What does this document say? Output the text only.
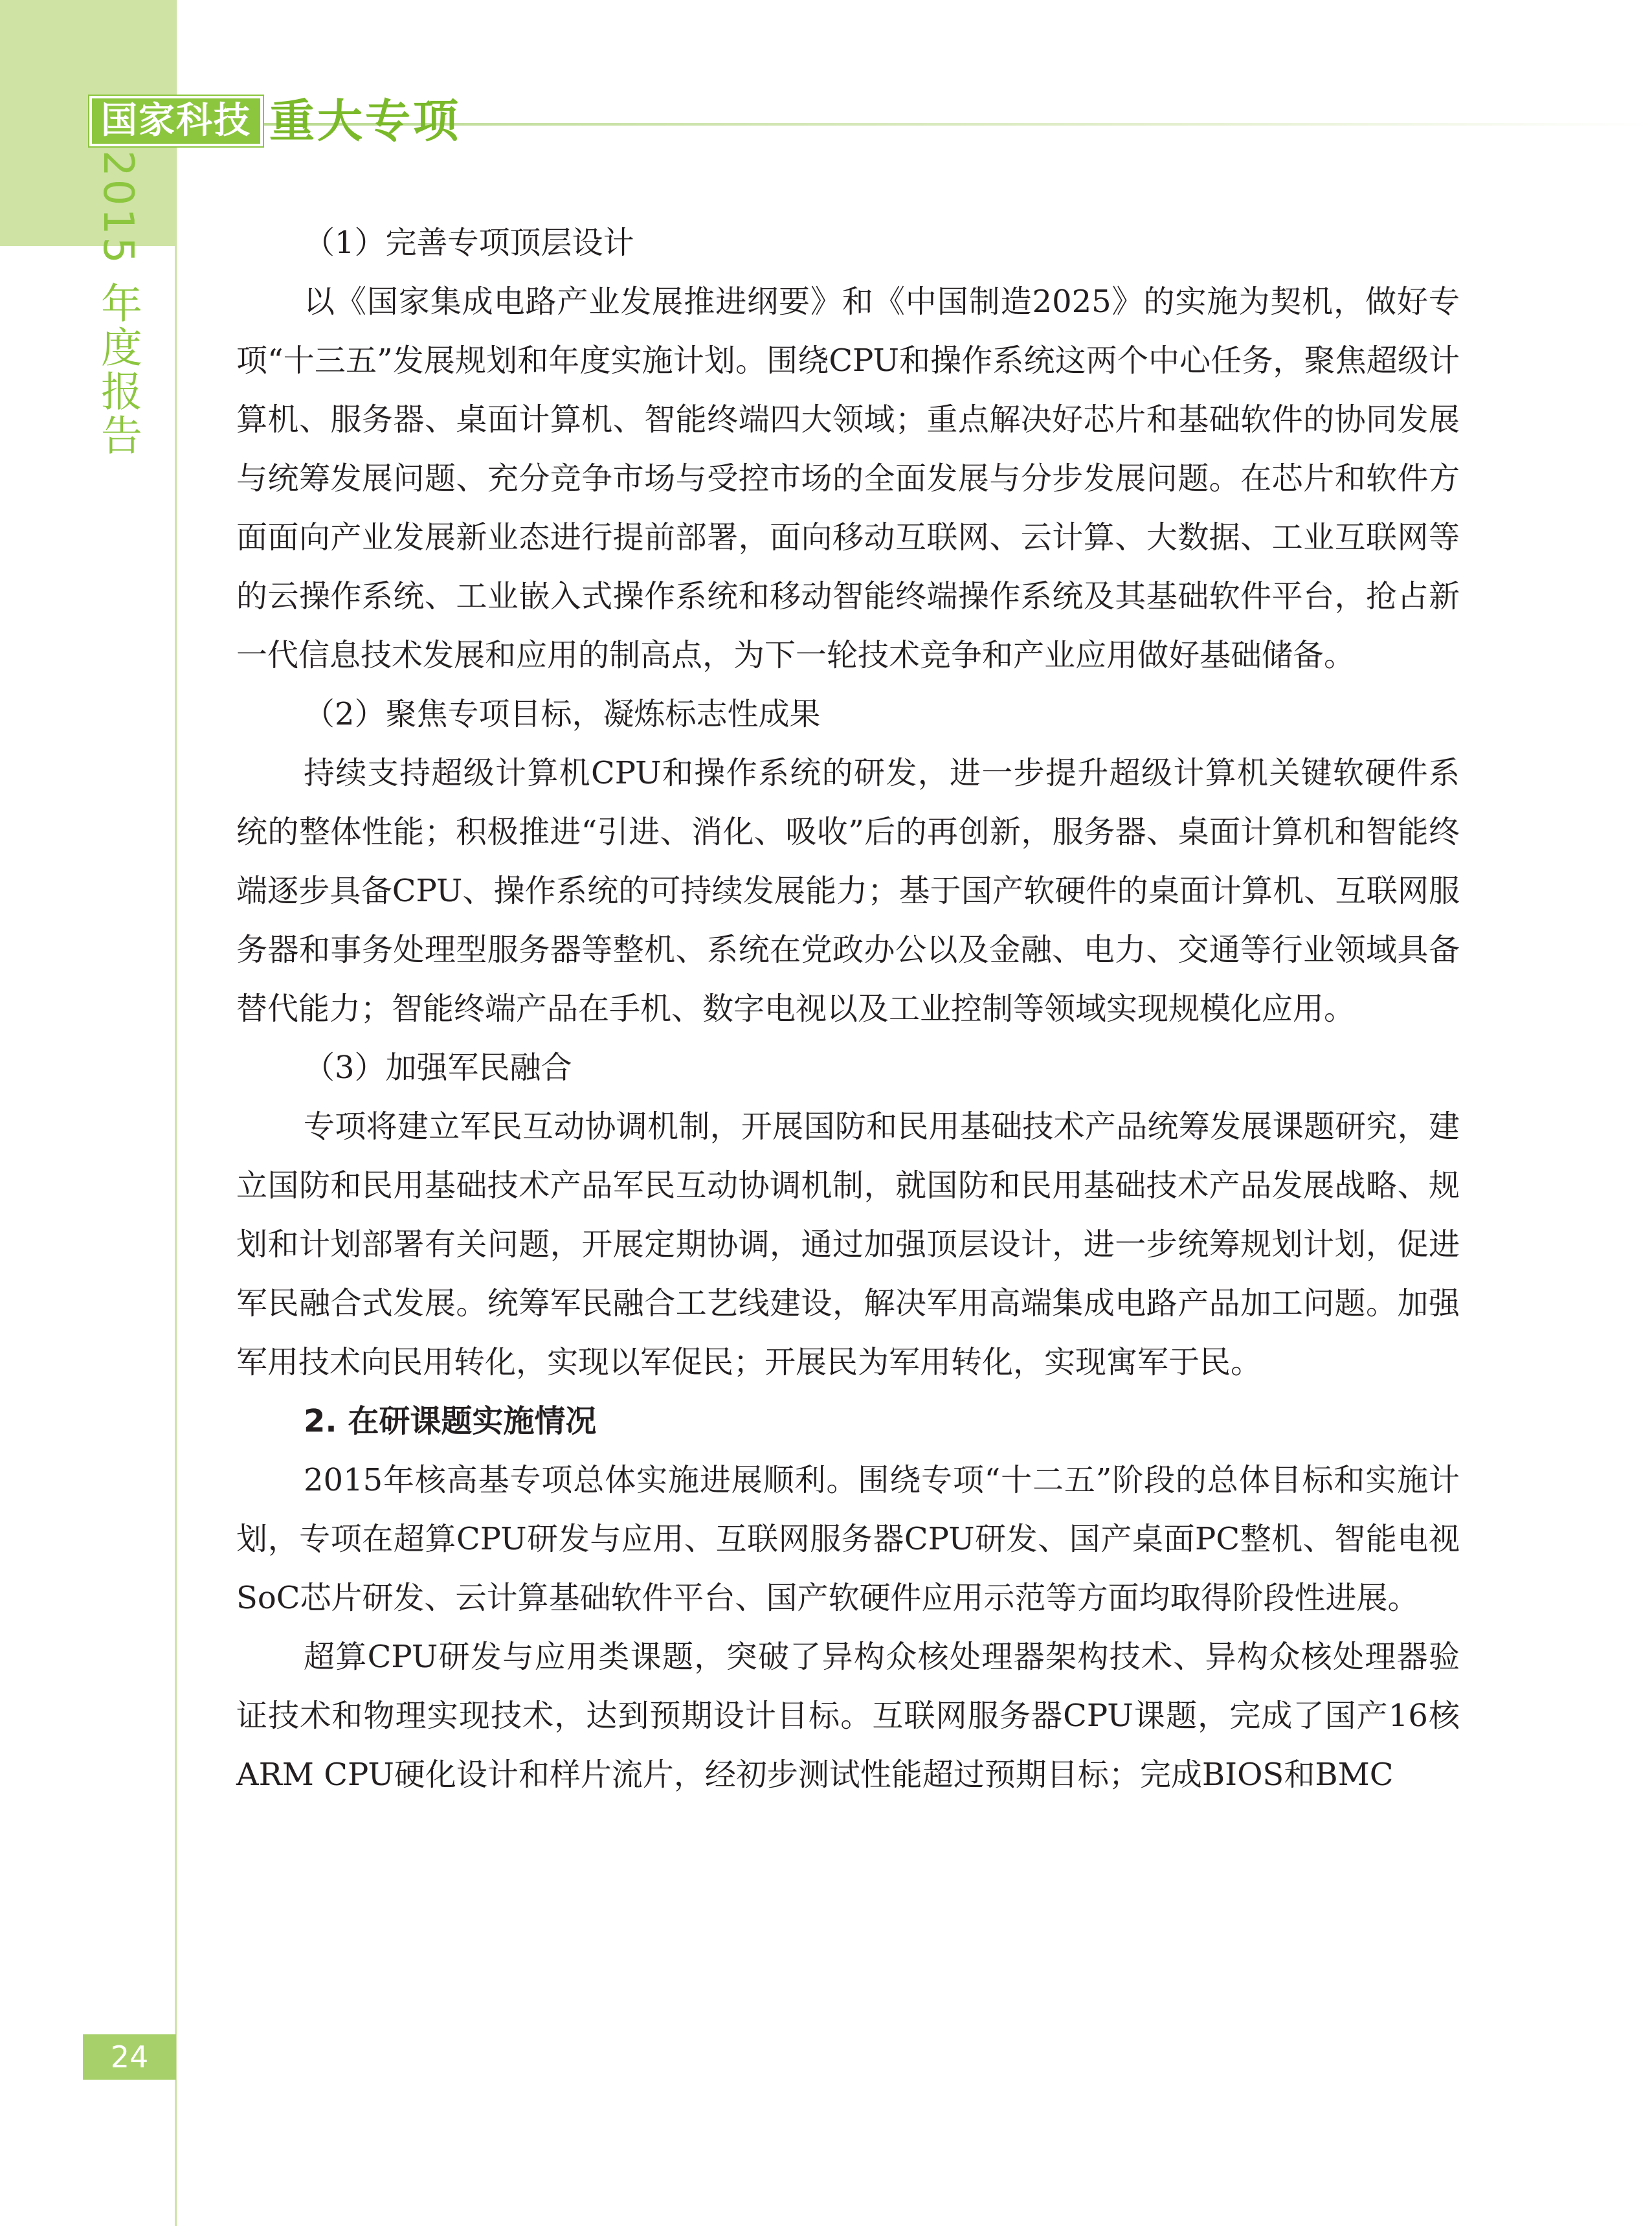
国家科技 重大专项
2015 年度报告	（1）完善专项顶层设计

以《国家集成电路产业发展推进纲要》和《中国制造2025》的实施为契机，做好专项“十三五”发展规划和年度实施计划。围绕CPU和操作系统这两个中心任务，聚焦超级计算机、服务器、桌面计算机、智能终端四大领域；重点解决好芯片和基础软件的协同发展与统筹发展问题、充分竞争市场与受控市场的全面发展与分步发展问题。在芯片和软件方面面向产业发展新业态进行提前部署，面向移动互联网、云计算、大数据、工业互联网等的云操作系统、工业嵌入式操作系统和移动智能终端操作系统及其基础软件平台，抢占新一代信息技术发展和应用的制高点，为下一轮技术竞争和产业应用做好基础储备。

（2）聚焦专项目标，凝炼标志性成果

持续支持超级计算机CPU和操作系统的研发，进一步提升超级计算机关键软硬件系统的整体性能；积极推进“引进、消化、吸收”后的再创新，服务器、桌面计算机和智能终端逐步具备CPU、操作系统的可持续发展能力；基于国产软硬件的桌面计算机、互联网服务器和事务处理型服务器等整机、系统在党政办公以及金融、电力、交通等行业领域具备替代能力；智能终端产品在手机、数字电视以及工业控制等领域实现规模化应用。

（3）加强军民融合

专项将建立军民互动协调机制，开展国防和民用基础技术产品统筹发展课题研究，建立国防和民用基础技术产品军民互动协调机制，就国防和民用基础技术产品发展战略、规划和计划部署有关问题，开展定期协调，通过加强顶层设计，进一步统筹规划计划，促进军民融合式发展。统筹军民融合工艺线建设，解决军用高端集成电路产品加工问题。加强军用技术向民用转化，实现以军促民；开展民为军用转化，实现寓军于民。

2. 在研课题实施情况

2015年核高基专项总体实施进展顺利。围绕专项“十二五”阶段的总体目标和实施计划，专项在超算CPU研发与应用、互联网服务器CPU研发、国产桌面PC整机、智能电视SoC芯片研发、云计算基础软件平台、国产软硬件应用示范等方面均取得阶段性进展。

超算CPU研发与应用类课题，突破了异构众核处理器架构技术、异构众核处理器验证技术和物理实现技术，达到预期设计目标。互联网服务器CPU课题，完成了国产16核ARM CPU硬化设计和样片流片，经初步测试性能超过预期目标；完成BIOS和BMC

24
